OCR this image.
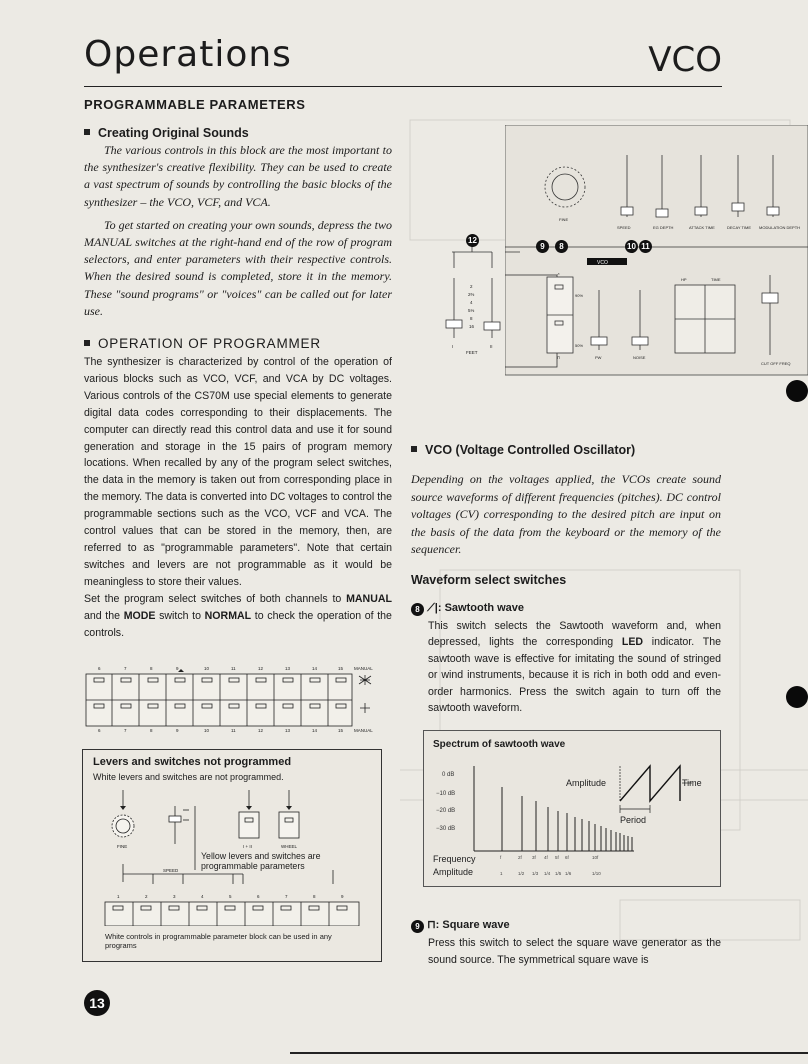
Operations	VCO
PROGRAMMABLE PARAMETERS
Creating Original Sounds

The various controls in this block are the most important to the synthesizer's creative flexibility. They can be used to create a vast spectrum of sounds by controlling the basic blocks of the synthesizer – the VCO, VCF, and VCA.

To get started on creating your own sounds, depress the two MANUAL switches at the right-hand end of the row of program selectors, and enter parameters with their respective controls. When the desired sound is completed, store it in the memory. These "sound programs" or "voices" can be called out for later use.

OPERATION OF PROGRAMMER

The synthesizer is characterized by control of the operation of various blocks such as VCO, VCF, and VCA by DC voltages. Various controls of the CS70M use special elements to generate digital data codes corresponding to their displacements. The computer can directly read this control data and use it for sound generation and storage in the 15 pairs of program memory locations. When recalled by any of the program select switches, the data in the memory is taken out from corresponding place in the memory. The data is converted into DC voltages to control the programmable sections such as the VCO, VCF and VCA. The control values that can be stored in the memory, then, are referred to as "programmable parameters". Note that certain switches and levers are not programmable as it would be meaningless to store their values.

Set the program select switches of both channels to MANUAL and the MODE switch to NORMAL to check the operation of the controls.

6	7	8	9	10	11	12	13	14	15 MANUAL
6	7	8	9	10	11	12	13	14	15 MANUAL
Levers and switches not programmed
White levers and switches are not programmed.
FINE
SPEED
I + II	WHEEL
1	2	3	4	5	6	7	8	9
Yellow levers and switches are programmable parameters
White controls in programmable parameter block can be used in any programs
VCO
FINE
SPEED	EG DEPTH	ATTACK TIME	DECAY TIME MODULATION DEPTH
HP	TIME
CUT OFF FREQ
PW	NOISE
⊓
⩘
90%
50%
2
2⅔
4
5⅓
8
16
FEET
I	II
12
9	8	10 11
VCO (Voltage Controlled Oscillator)

Depending on the voltages applied, the VCOs create sound source waveforms of different frequencies (pitches). DC control voltages (CV) corresponding to the desired pitch are input on the basis of the data from the keyboard or the memory of the sequencer.

Waveform select switches
8 ⟋|: Sawtooth wave

This switch selects the Sawtooth waveform and, when depressed, lights the corresponding LED indicator. The sawtooth wave is effective for imitating the sound of stringed or wind instruments, because it is rich in both odd and even-order harmonics. Press the switch again to turn off the sawtooth waveform.

Spectrum of sawtooth wave
0 dB
−10 dB
−20 dB
−30 dB
Amplitude	Time
Period
Frequency
Amplitude
f	2f 3f 4f 5f 6f	10f
1	1/2 1/3 1/4 1/5 1/6	1/10
9 ⊓: Square wave

Press this switch to select the square wave generator as the sound source. The symmetrical square wave is

13
